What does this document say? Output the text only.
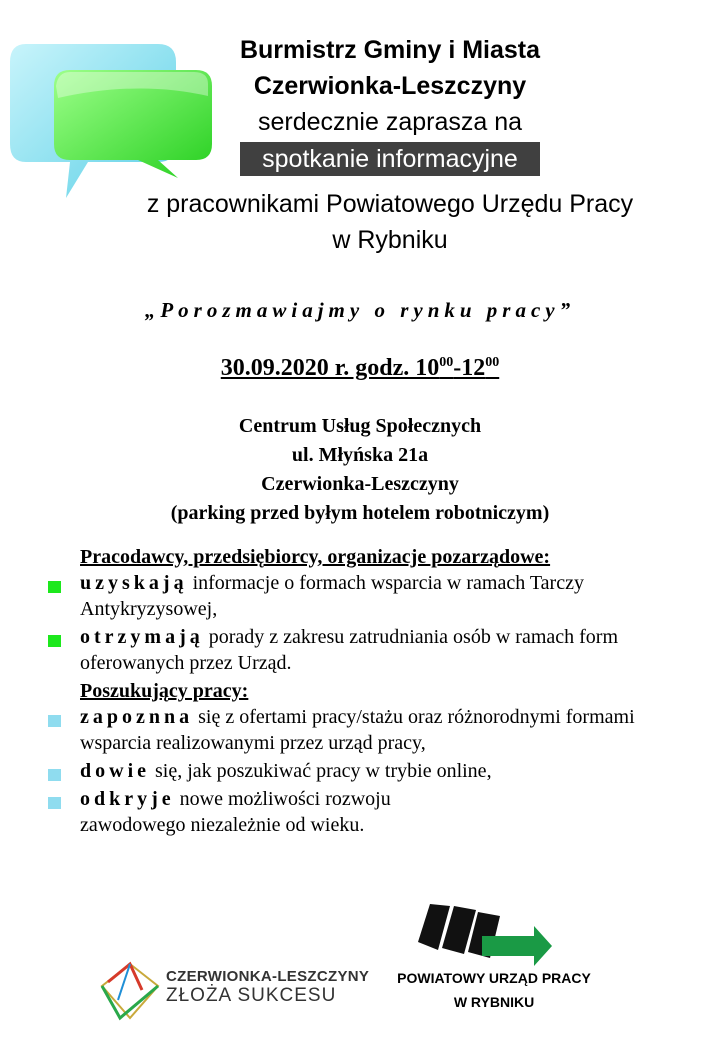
Burmistrz Gminy i Miasta
Czerwionka-Leszczyny
serdecznie zaprasza na
spotkanie informacyjne
z pracownikami Powiatowego Urzędu Pracy
w Rybniku
„Porozmawiajmy o rynku pracy”
30.09.2020 r. godz. $10^{00}-12^{00}$
Centrum Usług Społecznych
ul. Młyńska 21a
Czerwionka-Leszczyny
(parking przed byłym hotelem robotniczym)
Pracodawcy, przedsiębiorcy, organizacje pozarządowe:
uzyskają informacje o formach wsparcia w ramach Tarczy Antykryzysowej,
otrzymają porady z zakresu zatrudniania osób w ramach form oferowanych przez Urząd.
Poszukujący pracy:
zapoznna się z ofertami pracy/stażu oraz różnorodnymi formami wsparcia realizowanymi przez urząd pracy,
dowie się, jak poszukiwać pracy w trybie online,
odkryje nowe możliwości rozwoju zawodowego niezależnie od wieku.
CZERWIONKA-LESZCZYNY
ZŁOŻA SUKCESU
POWIATOWY URZĄD PRACY
W RYBNIKU
